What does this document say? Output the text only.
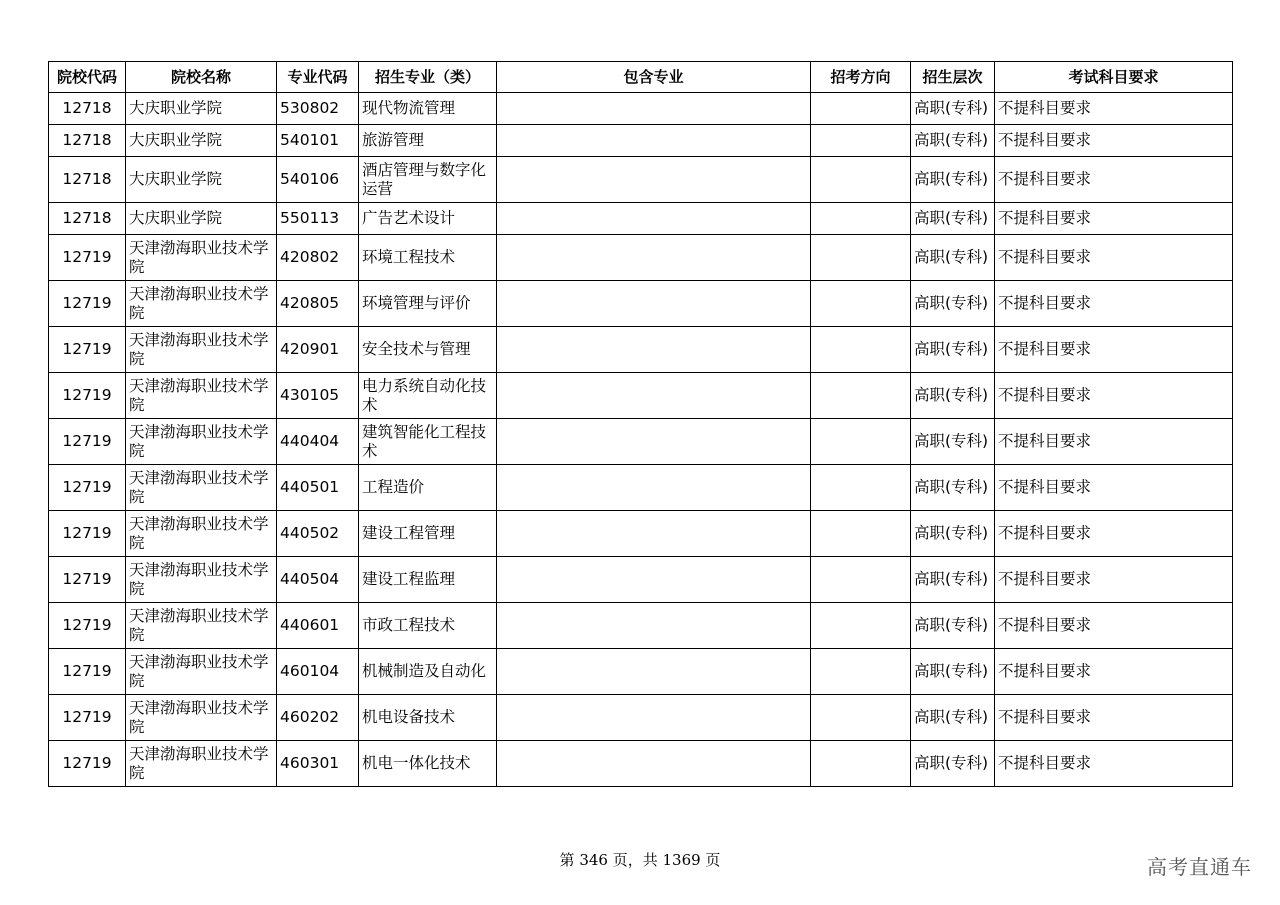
院校代码	院校名称	专业代码	招生专业（类）	包含专业	招考方向	招生层次	考试科目要求
12718	大庆职业学院	530802	现代物流管理			高职(专科)	不提科目要求
12718	大庆职业学院	540101	旅游管理			高职(专科)	不提科目要求
12718	大庆职业学院	540106	酒店管理与数字化运营			高职(专科)	不提科目要求
12718	大庆职业学院	550113	广告艺术设计			高职(专科)	不提科目要求
12719	天津渤海职业技术学院	420802	环境工程技术			高职(专科)	不提科目要求
12719	天津渤海职业技术学院	420805	环境管理与评价			高职(专科)	不提科目要求
12719	天津渤海职业技术学院	420901	安全技术与管理			高职(专科)	不提科目要求
12719	天津渤海职业技术学院	430105	电力系统自动化技术			高职(专科)	不提科目要求
12719	天津渤海职业技术学院	440404	建筑智能化工程技术			高职(专科)	不提科目要求
12719	天津渤海职业技术学院	440501	工程造价			高职(专科)	不提科目要求
12719	天津渤海职业技术学院	440502	建设工程管理			高职(专科)	不提科目要求
12719	天津渤海职业技术学院	440504	建设工程监理			高职(专科)	不提科目要求
12719	天津渤海职业技术学院	440601	市政工程技术			高职(专科)	不提科目要求
12719	天津渤海职业技术学院	460104	机械制造及自动化			高职(专科)	不提科目要求
12719	天津渤海职业技术学院	460202	机电设备技术			高职(专科)	不提科目要求
12719	天津渤海职业技术学院	460301	机电一体化技术			高职(专科)	不提科目要求
第 346 页，共 1369 页	高考直通车
